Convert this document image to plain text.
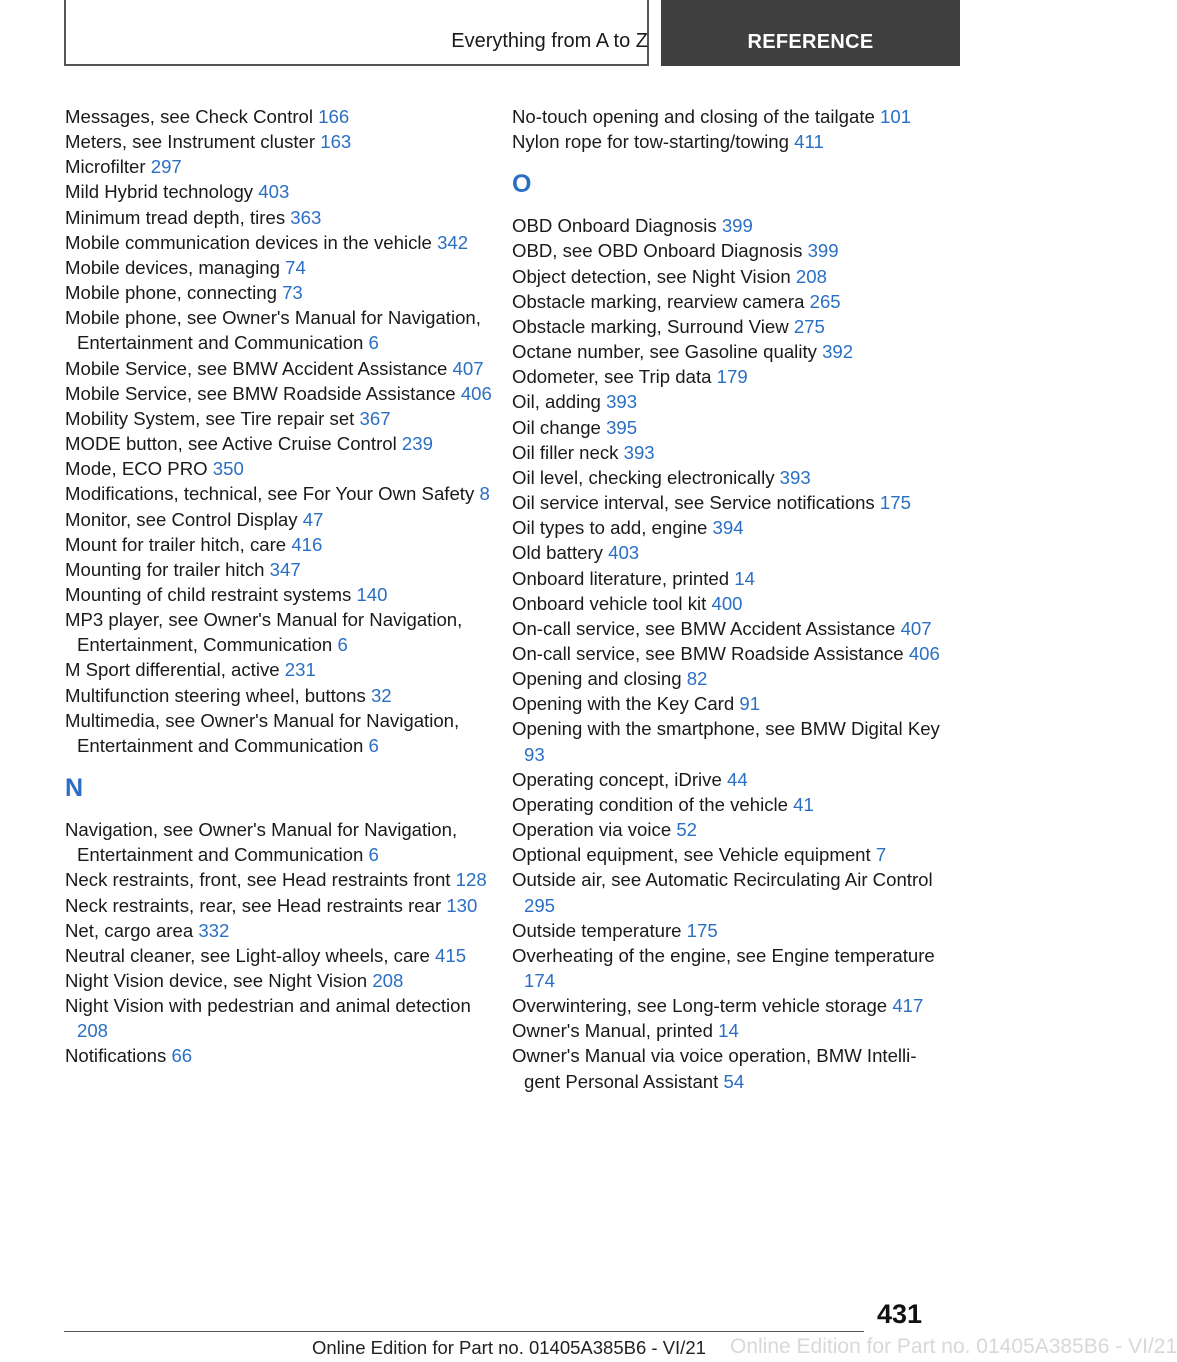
Everything from A to Z	REFERENCE
Messages, see Check Control 166
Meters, see Instrument cluster 163
Microfilter 297
Mild Hybrid technology 403
Minimum tread depth, tires 363
Mobile communication devices in the vehicle 342
Mobile devices, managing 74
Mobile phone, connecting 73
Mobile phone, see Owner's Manual for Navigation, Entertainment and Communication 6
Mobile Service, see BMW Accident Assistance 407
Mobile Service, see BMW Roadside Assistance 406
Mobility System, see Tire repair set 367
MODE button, see Active Cruise Control 239
Mode, ECO PRO 350
Modifications, technical, see For Your Own Safety 8
Monitor, see Control Display 47
Mount for trailer hitch, care 416
Mounting for trailer hitch 347
Mounting of child restraint systems 140
MP3 player, see Owner's Manual for Navigation, Entertainment, Communication 6
M Sport differential, active 231
Multifunction steering wheel, buttons 32
Multimedia, see Owner's Manual for Navigation, Entertainment and Communication 6
N
Navigation, see Owner's Manual for Navigation, Entertainment and Communication 6
Neck restraints, front, see Head restraints front 128
Neck restraints, rear, see Head restraints rear 130
Net, cargo area 332
Neutral cleaner, see Light-alloy wheels, care 415
Night Vision device, see Night Vision 208
Night Vision with pedestrian and animal detection 208
Notifications 66
No-touch opening and closing of the tailgate 101
Nylon rope for tow-starting/towing 411
O
OBD Onboard Diagnosis 399
OBD, see OBD Onboard Diagnosis 399
Object detection, see Night Vision 208
Obstacle marking, rearview camera 265
Obstacle marking, Surround View 275
Octane number, see Gasoline quality 392
Odometer, see Trip data 179
Oil, adding 393
Oil change 395
Oil filler neck 393
Oil level, checking electronically 393
Oil service interval, see Service notifications 175
Oil types to add, engine 394
Old battery 403
Onboard literature, printed 14
Onboard vehicle tool kit 400
On-call service, see BMW Accident Assistance 407
On-call service, see BMW Roadside Assistance 406
Opening and closing 82
Opening with the Key Card 91
Opening with the smartphone, see BMW Digital Key 93
Operating concept, iDrive 44
Operating condition of the vehicle 41
Operation via voice 52
Optional equipment, see Vehicle equipment 7
Outside air, see Automatic Recirculating Air Control 295
Outside temperature 175
Overheating of the engine, see Engine temperature 174
Overwintering, see Long-term vehicle storage 417
Owner's Manual, printed 14
Owner's Manual via voice operation, BMW Intelligent Personal Assistant 54
431
Online Edition for Part no. 01405A385B6 - VI/21 Online Edition for Part no. 01405A385B6 - VI/21
